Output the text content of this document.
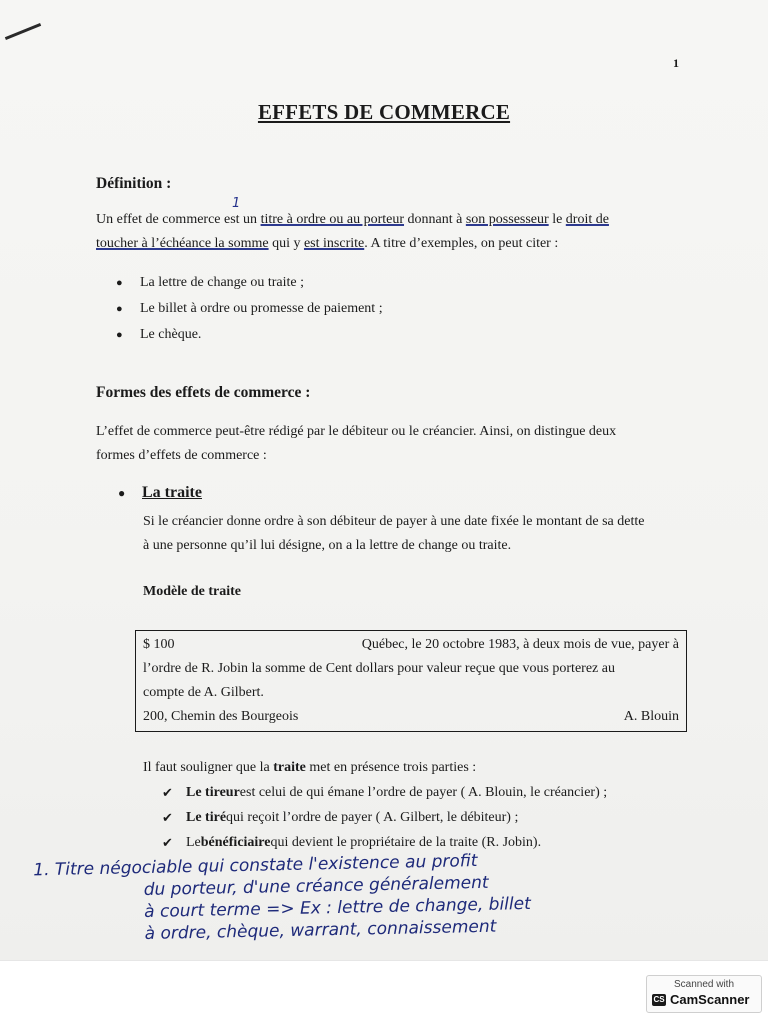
1
EFFETS DE COMMERCE
Définition :
1
Un effet de commerce est un titre à ordre ou au porteur donnant à son possesseur le droit de
toucher à l’échéance la somme qui y est inscrite. A titre d’exemples, on peut citer :
●	La lettre de change ou traite ;
●	Le billet à ordre ou promesse de paiement ;
●	Le chèque.
Formes des effets de commerce :
L’effet de commerce peut-être rédigé par le débiteur ou le créancier. Ainsi, on distingue deux
formes d’effets de commerce :
●	La traite
Si le créancier donne ordre à son débiteur de payer à une date fixée le montant de sa dette
à une personne qu’il lui désigne, on a la lettre de change ou traite.
Modèle de traite
$ 100	Québec, le 20 octobre 1983, à deux mois de vue, payer à
l’ordre de R. Jobin la somme de Cent dollars pour valeur reçue que vous porterez au
compte de A. Gilbert.
200, Chemin des Bourgeois	A. Blouin
Il faut souligner que la traite met en présence trois parties :
✔ Le tireur est celui de qui émane l’ordre de payer ( A. Blouin, le créancier) ;
✔ Le tiré qui reçoit l’ordre de payer ( A. Gilbert, le débiteur) ;
✔ Le bénéficiaire qui devient le propriétaire de la traite (R. Jobin).
1. Titre négociable qui constate l'existence au profit
du porteur, d'une créance généralement
à court terme => Ex : lettre de change, billet
à ordre, chèque, warrant, connaissement
Scanned with
CS CamScanner
